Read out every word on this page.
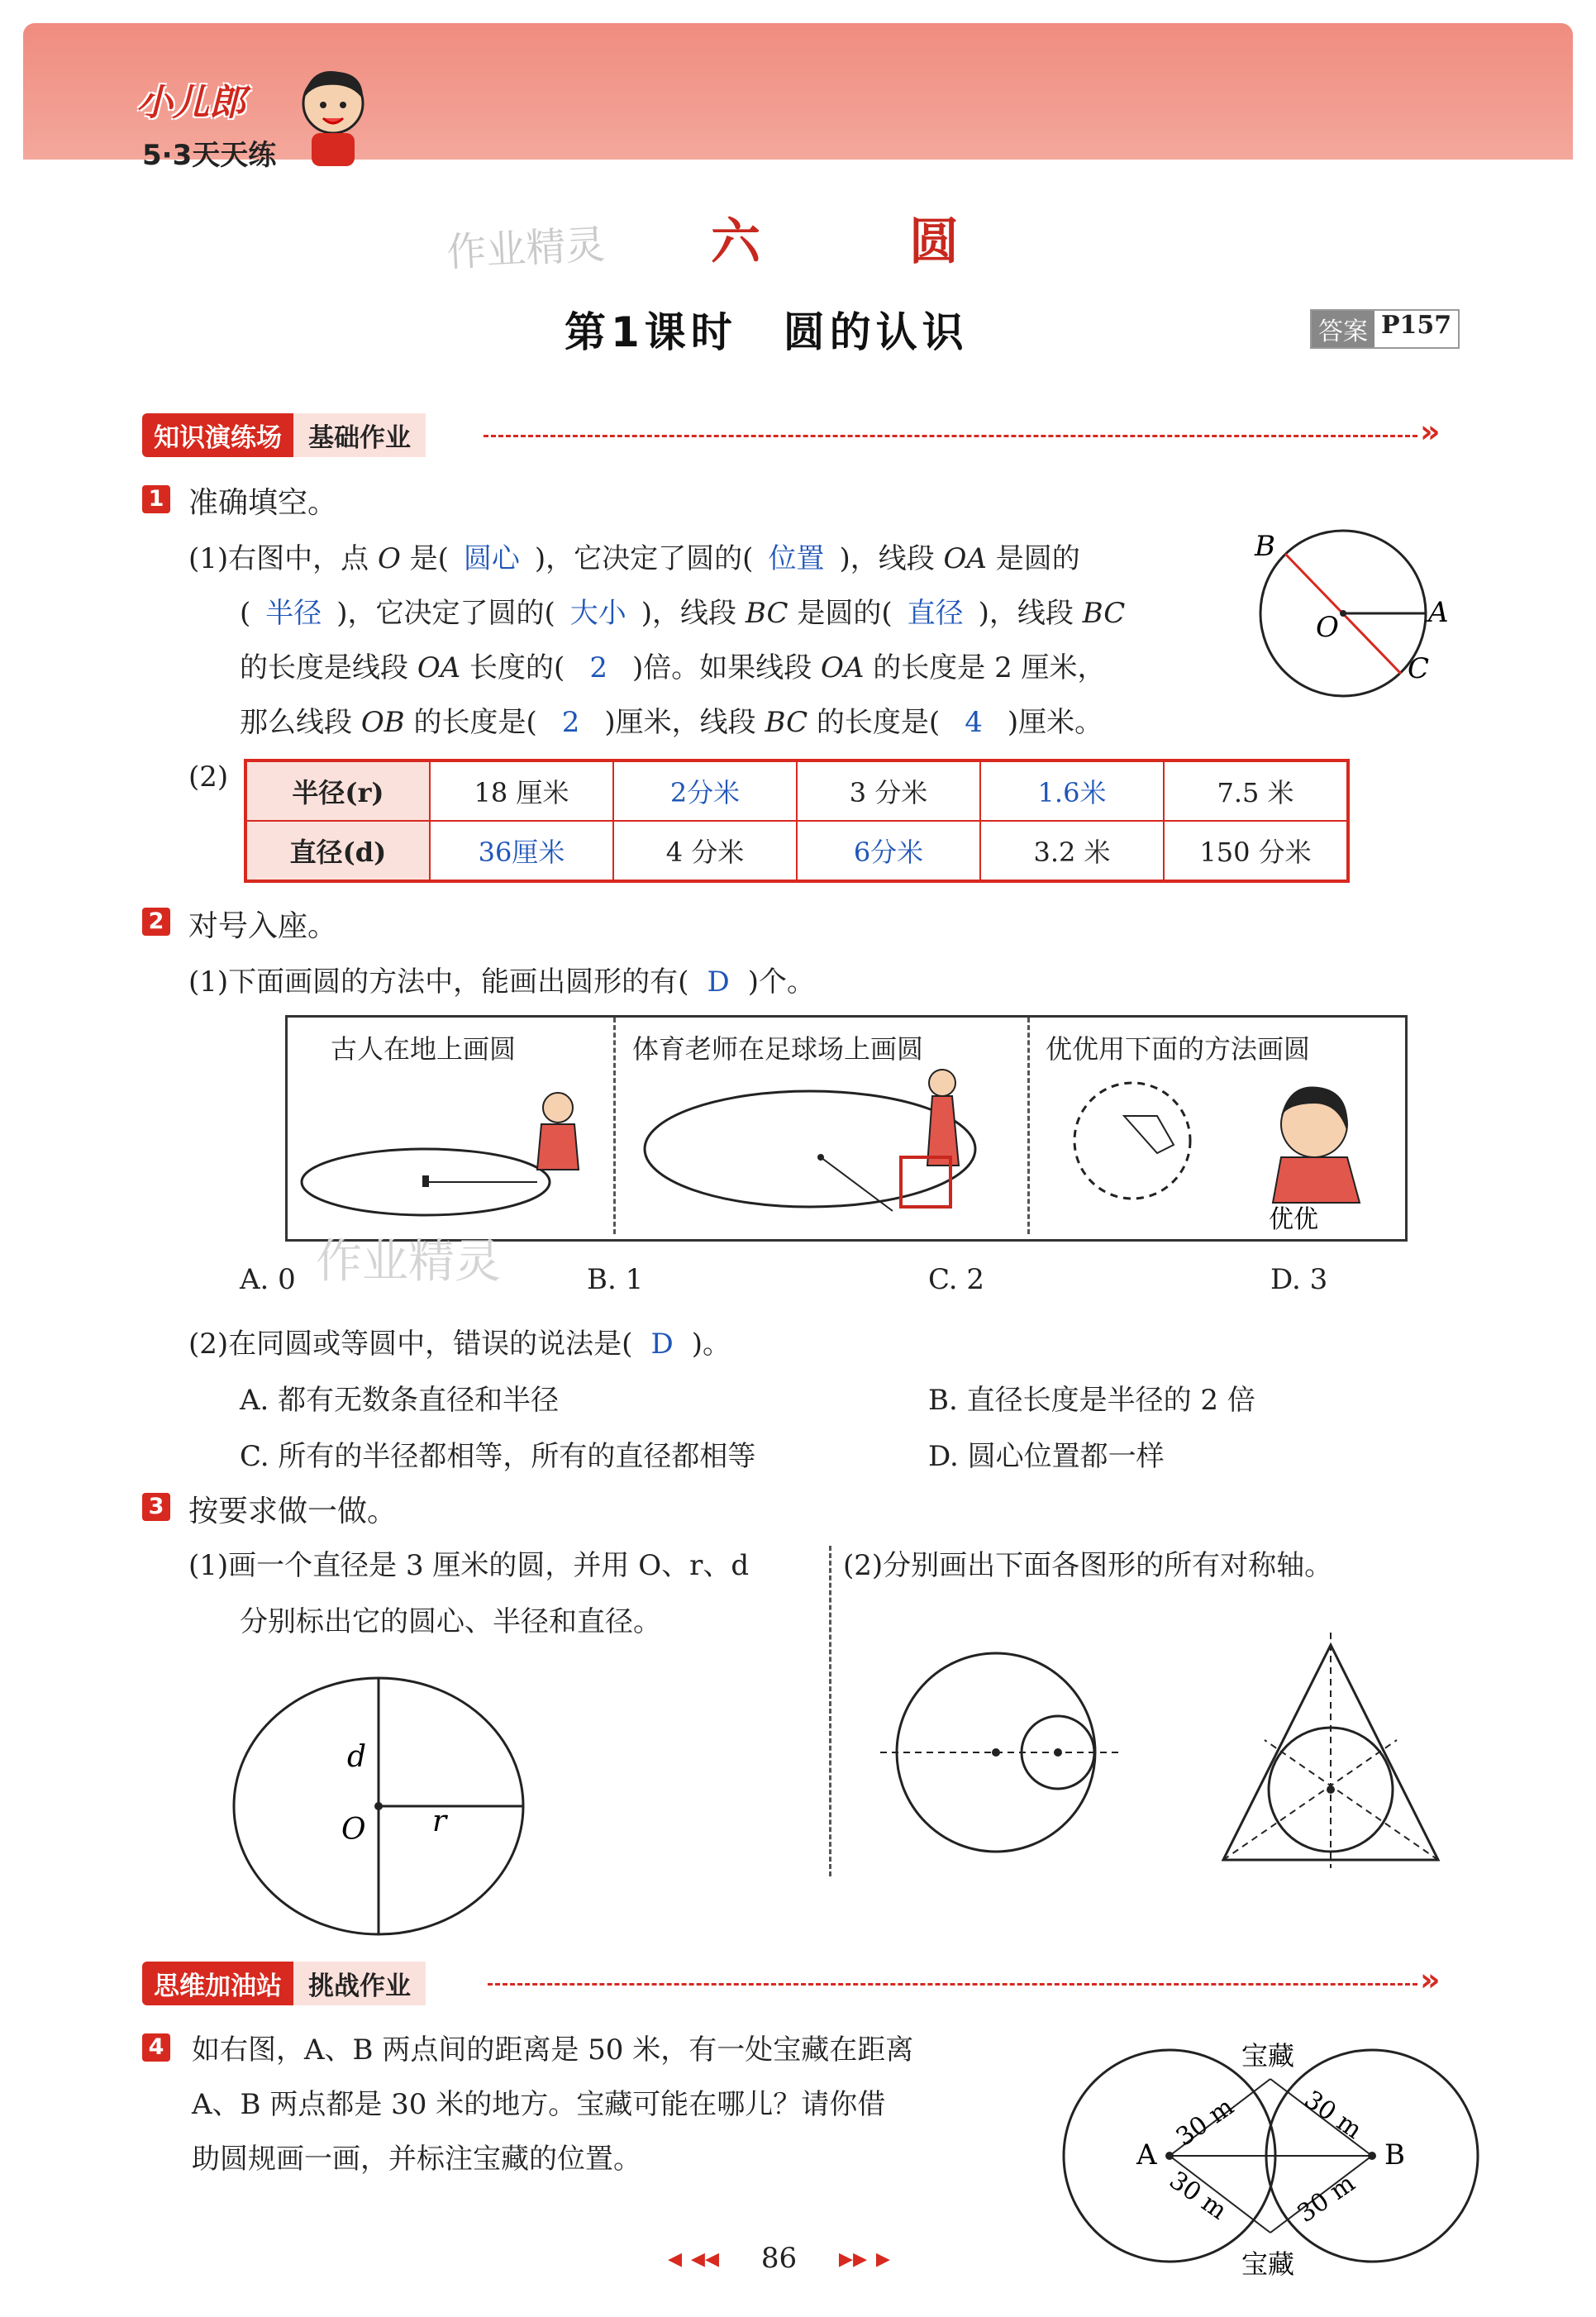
小儿郎
5·3天天练
作业精灵 六　圆
第1课时　圆的认识	答案 P157
知识演练场	基础作业	»
1 准确填空。
(1)右图中，点 O 是( 圆心 )，它决定了圆的( 位置 )，线段 OA 是圆的
( 半径 )，它决定了圆的( 大小 )，线段 BC 是圆的( 直径 )，线段 BC
的长度是线段 OA 长度的( 2 )倍。如果线段 OA 的长度是 2 厘米，
那么线段 OB 的长度是( 2 )厘米，线段 BC 的长度是( 4 )厘米。
B
A
O
C
(2) 半径(r)	18 厘米	2分米	3 分米	1.6米	7.5 米
直径(d)	36厘米	4 分米	6分米	3.2 米	150 分米
2 对号入座。
(1)下面画圆的方法中，能画出圆形的有( D )个。
古人在地上画圆	体育老师在足球场上画圆	优优用下面的方法画圆
优优
作业精灵
A. 0	B. 1	C. 2	D. 3
(2)在同圆或等圆中，错误的说法是( D )。
A. 都有无数条直径和半径	B. 直径长度是半径的 2 倍
C. 所有的半径都相等，所有的直径都相等	D. 圆心位置都一样
3 按要求做一做。
(1)画一个直径是 3 厘米的圆，并用 O、r、d
分别标出它的圆心、半径和直径。
(2)分别画出下面各图形的所有对称轴。
d
O r
思维加油站	挑战作业	»
4 如右图，A、B 两点间的距离是 50 米，有一处宝藏在距离
A、B 两点都是 30 米的地方。宝藏可能在哪儿？请你借
助圆规画一画，并标注宝藏的位置。
宝藏
宝藏
A	B
30 m 30 m
30 m 30 m
◂ ◂◂ 86 ▸▸ ▸
